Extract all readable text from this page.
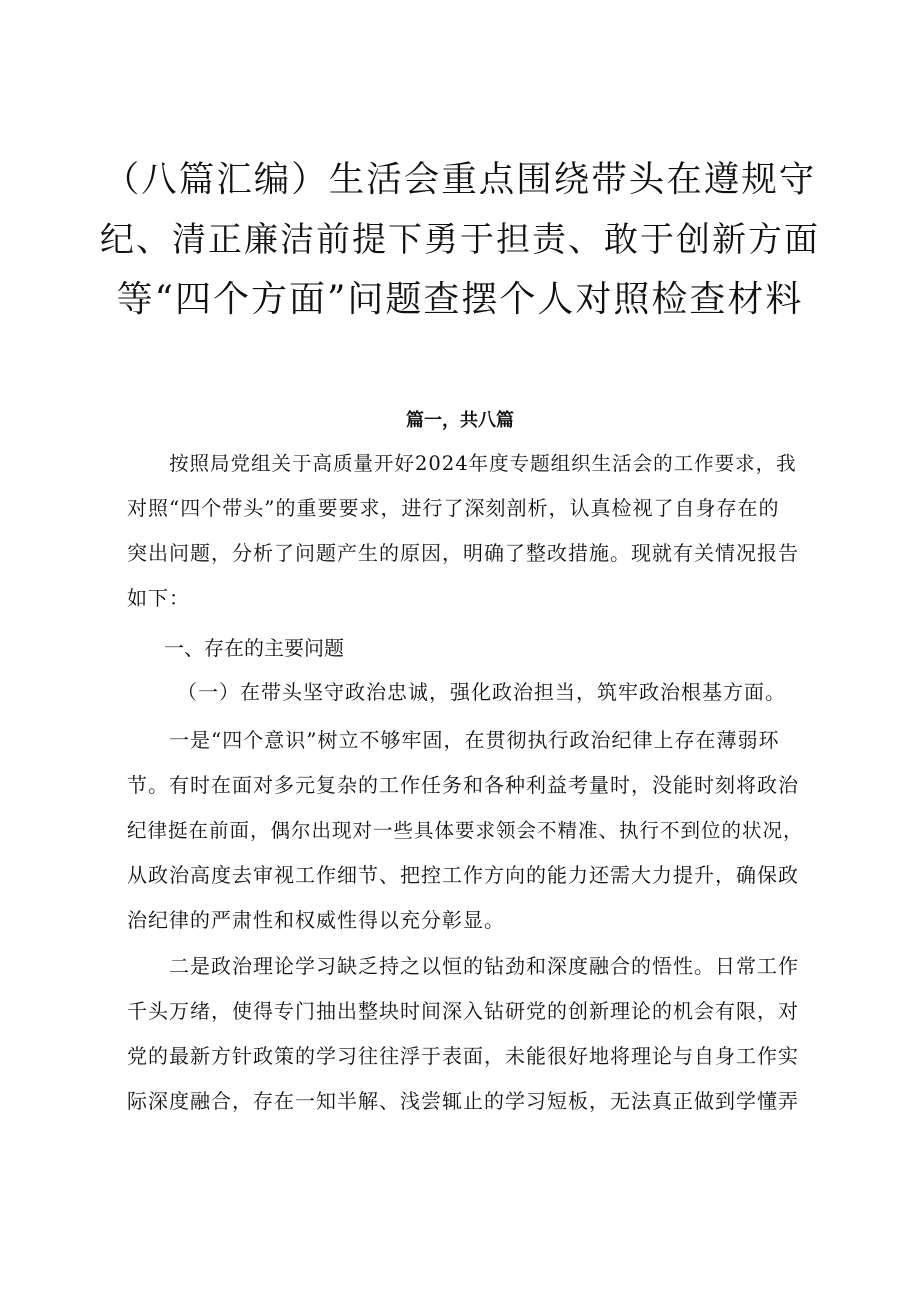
（八篇汇编）生活会重点围绕带头在遵规守
纪、清正廉洁前提下勇于担责、敢于创新方面
等“四个方面”问题查摆个人对照检查材料
篇一，共八篇

按照局党组关于高质量开好2024年度专题组织生活会的工作要求，我
对照“四个带头”的重要要求，进行了深刻剖析，认真检视了自身存在的
突出问题，分析了问题产生的原因，明确了整改措施。现就有关情况报告
如下：

一、存在的主要问题

（一）在带头坚守政治忠诚，强化政治担当，筑牢政治根基方面。

一是“四个意识”树立不够牢固，在贯彻执行政治纪律上存在薄弱环
节。有时在面对多元复杂的工作任务和各种利益考量时，没能时刻将政治
纪律挺在前面，偶尔出现对一些具体要求领会不精准、执行不到位的状况，
从政治高度去审视工作细节、把控工作方向的能力还需大力提升，确保政
治纪律的严肃性和权威性得以充分彰显。

二是政治理论学习缺乏持之以恒的钻劲和深度融合的悟性。日常工作
千头万绪，使得专门抽出整块时间深入钻研党的创新理论的机会有限，对
党的最新方针政策的学习往往浮于表面，未能很好地将理论与自身工作实
际深度融合，存在一知半解、浅尝辄止的学习短板，无法真正做到学懂弄
